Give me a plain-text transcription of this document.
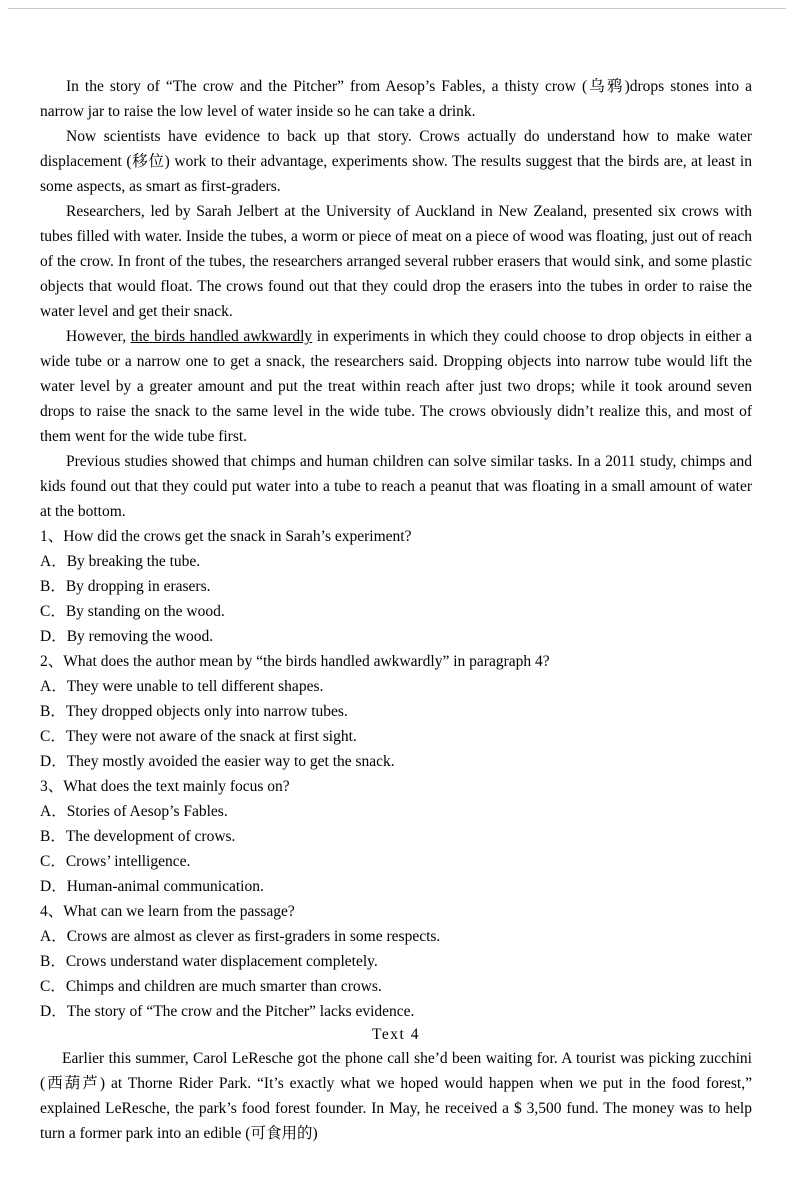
In the story of “The crow and the Pitcher” from Aesop’s Fables, a thisty crow (乌鸦)drops stones into a narrow jar to raise the low level of water inside so he can take a drink.

Now scientists have evidence to back up that story. Crows actually do understand how to make water displacement (移位) work to their advantage, experiments show. The results suggest that the birds are, at least in some aspects, as smart as first-graders.

Researchers, led by Sarah Jelbert at the University of Auckland in New Zealand, presented six crows with tubes filled with water. Inside the tubes, a worm or piece of meat on a piece of wood was floating, just out of reach of the crow. In front of the tubes, the researchers arranged several rubber erasers that would sink, and some plastic objects that would float. The crows found out that they could drop the erasers into the tubes in order to raise the water level and get their snack.

However, the birds handled awkwardly in experiments in which they could choose to drop objects in either a wide tube or a narrow one to get a snack, the researchers said. Dropping objects into narrow tube would lift the water level by a greater amount and put the treat within reach after just two drops; while it took around seven drops to raise the snack to the same level in the wide tube. The crows obviously didn’t realize this, and most of them went for the wide tube first.

Previous studies showed that chimps and human children can solve similar tasks. In a 2011 study, chimps and kids found out that they could put water into a tube to reach a peanut that was floating in a small amount of water at the bottom.

1、How did the crows get the snack in Sarah’s experiment?
A．By breaking the tube.
B．By dropping in erasers.
C．By standing on the wood.
D．By removing the wood.
2、What does the author mean by “the birds handled awkwardly” in paragraph 4?
A．They were unable to tell different shapes.
B．They dropped objects only into narrow tubes.
C．They were not aware of the snack at first sight.
D．They mostly avoided the easier way to get the snack.
3、What does the text mainly focus on?
A．Stories of Aesop’s Fables.
B．The development of crows.
C．Crows’ intelligence.
D．Human-animal communication.
4、What can we learn from the passage?
A．Crows are almost as clever as first-graders in some respects.
B．Crows understand water displacement completely.
C．Chimps and children are much smarter than crows.
D．The story of “The crow and the Pitcher” lacks evidence.
Text 4

Earlier this summer, Carol LeResche got the phone call she’d been waiting for. A tourist was picking zucchini (西葫芦) at Thorne Rider Park. “It’s exactly what we hoped would happen when we put in the food forest,” explained LeResche, the park’s food forest founder. In May, he received a $ 3,500 fund. The money was to help turn a former park into an edible (可食用的)
